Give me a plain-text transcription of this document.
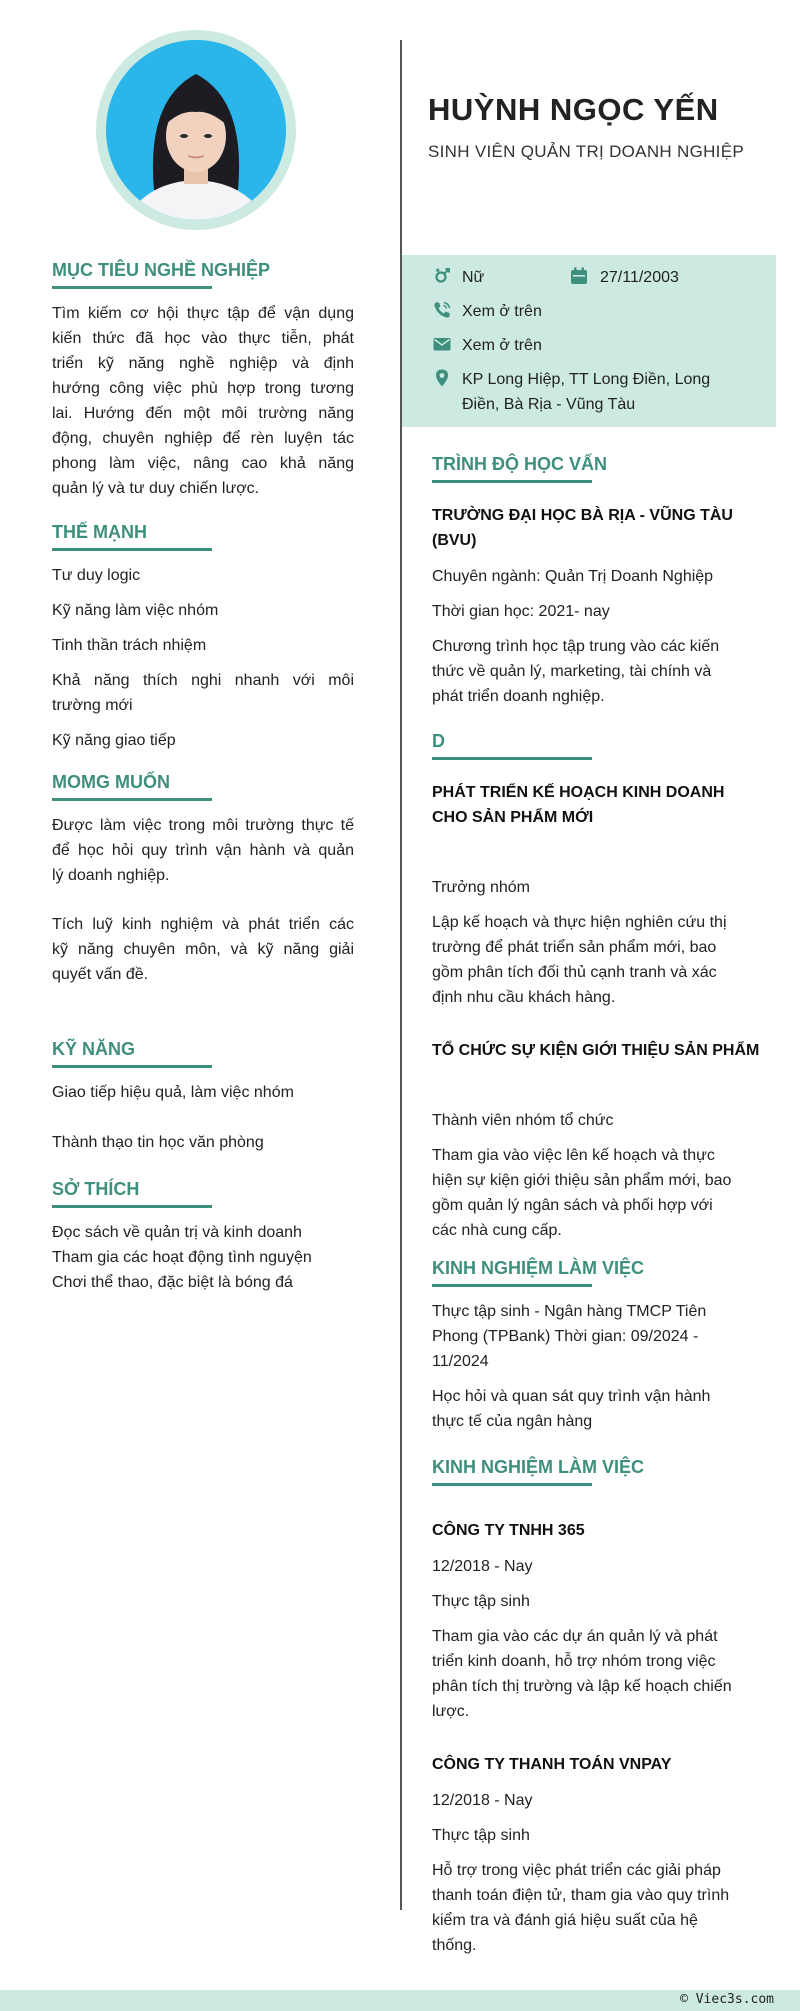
MỤC TIÊU NGHỀ NGHIỆP
Tìm kiếm cơ hội thực tập để vận dụng
kiến thức đã học vào thực tiễn, phát
triển kỹ năng nghề nghiệp và định
hướng công việc phù hợp trong tương
lai. Hướng đến một môi trường năng
động, chuyên nghiệp để rèn luyện tác
phong làm việc, nâng cao khả năng
quản lý và tư duy chiến lược.
THẾ MẠNH
Tư duy logic
Kỹ năng làm việc nhóm
Tinh thần trách nhiệm
Khả năng thích nghi nhanh với môi
trường mới
Kỹ năng giao tiếp
MOMG MUỐN
Được làm việc trong môi trường thực tế
để học hỏi quy trình vận hành và quản
lý doanh nghiệp.
Tích luỹ kinh nghiệm và phát triển các
kỹ năng chuyên môn, và kỹ năng giải
quyết vấn đề.
KỸ NĂNG
Giao tiếp hiệu quả, làm việc nhóm
Thành thạo tin học văn phòng
SỞ THÍCH
Đọc sách về quản trị và kinh doanh
Tham gia các hoạt động tình nguyện
Chơi thể thao, đặc biệt là bóng đá
HUỲNH NGỌC YẾN
SINH VIÊN QUẢN TRỊ DOANH NGHIỆP
Nữ	27/11/2003
Xem ở trên
Xem ở trên
KP Long Hiệp, TT Long Điền, Long
Điền, Bà Rịa - Vũng Tàu
TRÌNH ĐỘ HỌC VẤN
TRƯỜNG ĐẠI HỌC BÀ RỊA - VŨNG TÀU
(BVU)
Chuyên ngành: Quản Trị Doanh Nghiệp
Thời gian học: 2021- nay
Chương trình học tập trung vào các kiến
thức về quản lý, marketing, tài chính và
phát triển doanh nghiệp.
D
PHÁT TRIỂN KẾ HOẠCH KINH DOANH
CHO SẢN PHẨM MỚI
Trưởng nhóm
Lập kế hoạch và thực hiện nghiên cứu thị
trường để phát triển sản phẩm mới, bao
gồm phân tích đối thủ cạnh tranh và xác
định nhu cầu khách hàng.
TỔ CHỨC SỰ KIỆN GIỚI THIỆU SẢN PHẨM
Thành viên nhóm tổ chức
Tham gia vào việc lên kế hoạch và thực
hiện sự kiện giới thiệu sản phẩm mới, bao
gồm quản lý ngân sách và phối hợp với
các nhà cung cấp.
KINH NGHIỆM LÀM VIỆC
Thực tập sinh - Ngân hàng TMCP Tiên
Phong (TPBank) Thời gian: 09/2024 -
11/2024
Học hỏi và quan sát quy trình vận hành
thực tế của ngân hàng
KINH NGHIỆM LÀM VIỆC
CÔNG TY TNHH 365
12/2018 - Nay
Thực tập sinh
Tham gia vào các dự án quản lý và phát
triển kinh doanh, hỗ trợ nhóm trong việc
phân tích thị trường và lập kế hoạch chiến
lược.
CÔNG TY THANH TOÁN VNPAY
12/2018 - Nay
Thực tập sinh
Hỗ trợ trong việc phát triển các giải pháp
thanh toán điện tử, tham gia vào quy trình
kiểm tra và đánh giá hiệu suất của hệ
thống.
© Viec3s.com
